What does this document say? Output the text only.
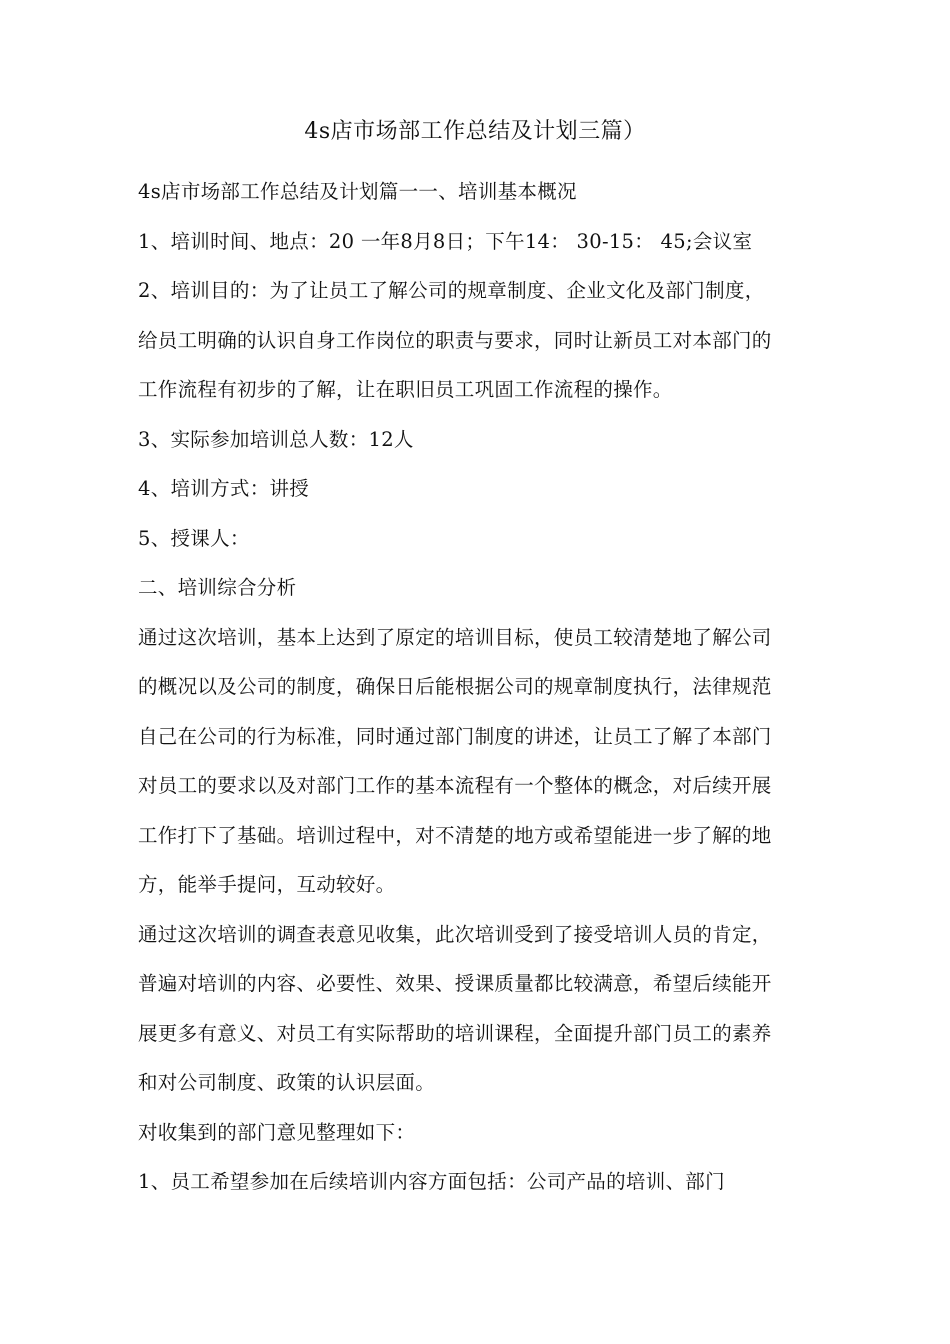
4s店市场部工作总结及计划三篇）

4s店市场部工作总结及计划篇一一、培训基本概况

1、培训时间、地点：20 一年8月8日；下午14： 30-15： 45;会议室

2、培训目的：为了让员工了解公司的规章制度、企业文化及部门制度，

给员工明确的认识自身工作岗位的职责与要求，同时让新员工对本部门的

工作流程有初步的了解，让在职旧员工巩固工作流程的操作。

3、实际参加培训总人数：12人

4、培训方式：讲授

5、授课人：

二、培训综合分析

通过这次培训，基本上达到了原定的培训目标，使员工较清楚地了解公司

的概况以及公司的制度，确保日后能根据公司的规章制度执行，法律规范

自己在公司的行为标准，同时通过部门制度的讲述，让员工了解了本部门

对员工的要求以及对部门工作的基本流程有一个整体的概念，对后续开展

工作打下了基础。培训过程中，对不清楚的地方或希望能进一步了解的地

方，能举手提问，互动较好。

通过这次培训的调查表意见收集，此次培训受到了接受培训人员的肯定，

普遍对培训的内容、必要性、效果、授课质量都比较满意，希望后续能开

展更多有意义、对员工有实际帮助的培训课程，全面提升部门员工的素养

和对公司制度、政策的认识层面。

对收集到的部门意见整理如下：

1、员工希望参加在后续培训内容方面包括：公司产品的培训、部门
